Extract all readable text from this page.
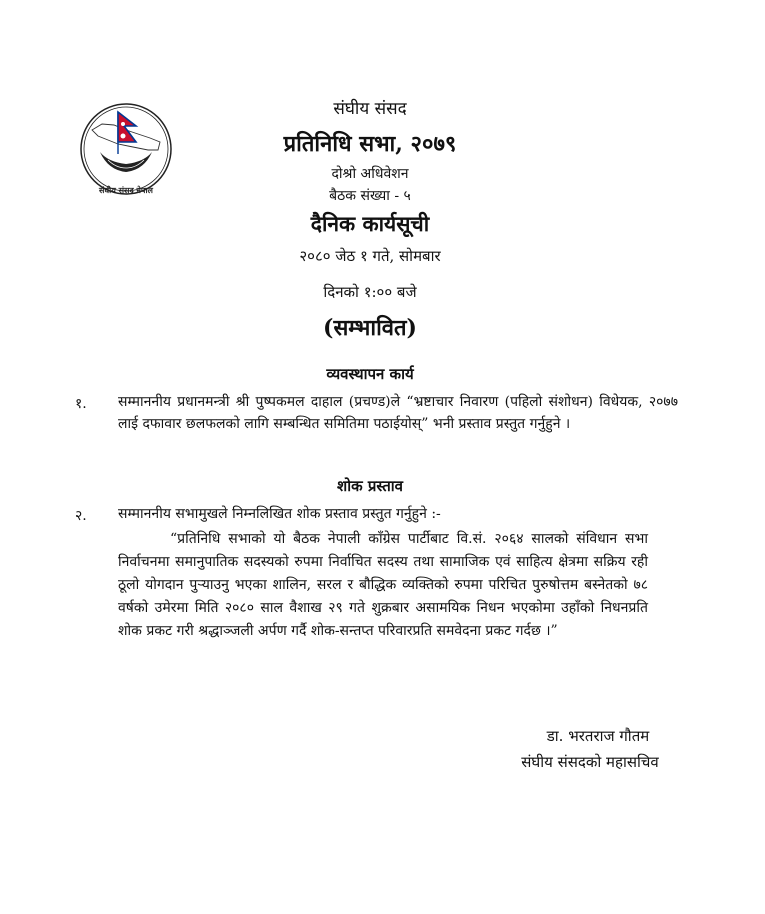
संघीय संसद नेपाल
संघीय संसद
प्रतिनिधि सभा, २०७९
दोश्रो अधिवेशन
बैठक संख्या - ५
दैनिक कार्यसूची
२०८० जेठ १ गते, सोमबार
दिनको १:०० बजे
(सम्भावित)
व्यवस्थापन कार्य
१. सम्माननीय प्रधानमन्त्री श्री पुष्पकमल दाहाल (प्रचण्ड)ले “भ्रष्टाचार निवारण (पहिलो संशोधन) विधेयक, २०७७ लाई दफावार छलफलको लागि सम्बन्धित समितिमा पठाईयोस्” भनी प्रस्ताव प्रस्तुत गर्नुहुने ।
शोक प्रस्ताव
२. सम्माननीय सभामुखले निम्नलिखित शोक प्रस्ताव प्रस्तुत गर्नुहुने :-
“प्रतिनिधि सभाको यो बैठक नेपाली काँग्रेस पार्टीबाट वि.सं. २०६४ सालको संविधान सभा निर्वाचनमा समानुपातिक सदस्यको रुपमा निर्वाचित सदस्य तथा सामाजिक एवं साहित्य क्षेत्रमा सक्रिय रही ठूलो योगदान पुऱ्याउनु भएका शालिन, सरल र बौद्धिक व्यक्तिको रुपमा परिचित पुरुषोत्तम बस्नेतको ७८ वर्षको उमेरमा मिति २०८० साल वैशाख २९ गते शुक्रबार असामयिक निधन भएकोमा उहाँको निधनप्रति शोक प्रकट गरी श्रद्धाञ्जली अर्पण गर्दै शोक-सन्तप्त परिवारप्रति समवेदना प्रकट गर्दछ ।”
डा. भरतराज गौतम
संघीय संसदको महासचिव
